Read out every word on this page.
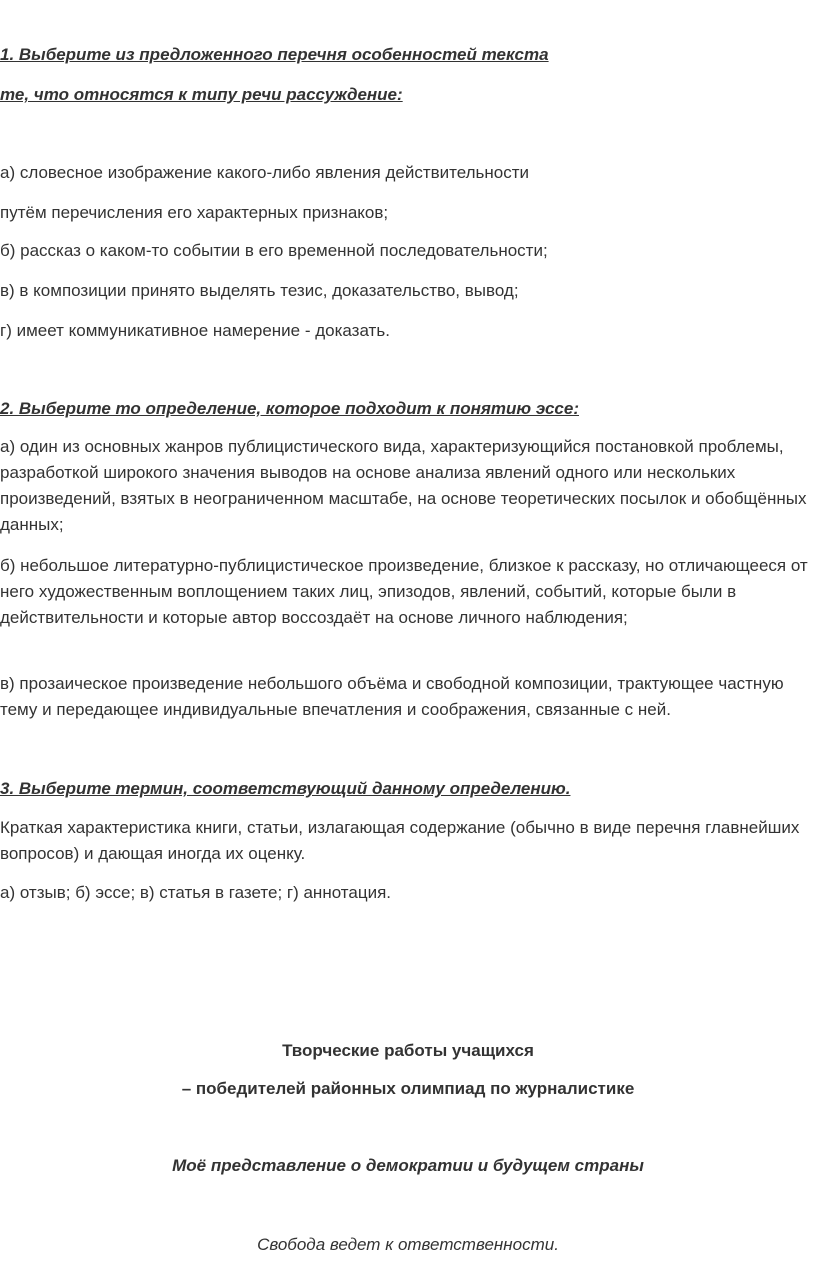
1. Выберите из предложенного перечня особенностей текста

те, что относятся к типу речи рассуждение:

а) словесное изображение какого-либо явления действительности

путём перечисления его характерных признаков;

б) рассказ о каком-то событии в его временной последовательности;

в) в композиции принято выделять тезис, доказательство, вывод;

г) имеет коммуникативное намерение - доказать.

2. Выберите то определение, которое подходит к понятию эссе:

а) один из основных жанров публицистического вида, характеризующийся постановкой проблемы, разработкой широкого значения выводов на основе анализа явлений одного или нескольких произведений, взятых в неограниченном масштабе, на основе теоретических посылок и обобщённых данных;

б) небольшое литературно-публицистическое произведение, близкое к рассказу, но отличающееся от него художественным воплощением таких лиц, эпизодов, явлений, событий, которые были в действительности и которые автор воссоздаёт на основе личного наблюдения;

в) прозаическое произведение небольшого объёма и свободной композиции, трактующее частную тему и передающее индивидуальные впечатления и соображения, связанные с ней.

3. Выберите термин, соответствующий данному определению.

Краткая характеристика книги, статьи, излагающая содержание (обычно в виде перечня главнейших вопросов) и дающая иногда их оценку.

а) отзыв; б) эссе; в) статья в газете; г) аннотация.

Творческие работы учащихся

– победителей районных олимпиад по журналистике

Моё представление о демократии и будущем страны

Свобода ведет к ответственности.
